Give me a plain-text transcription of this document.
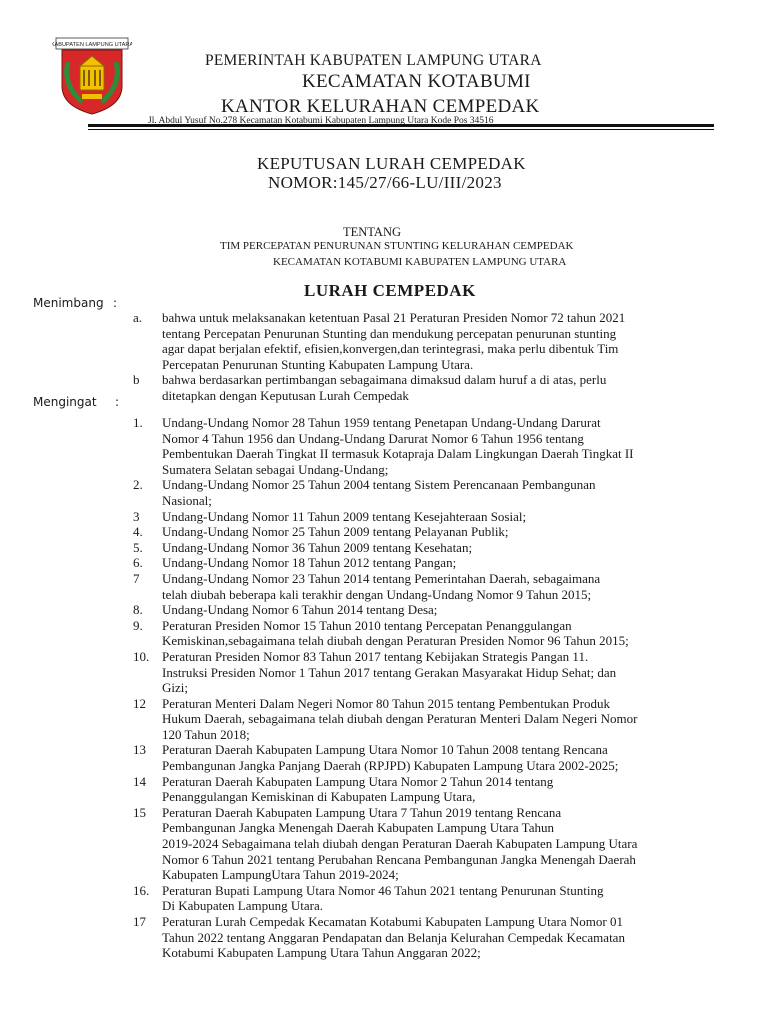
KABUPATEN LAMPUNG UTARA
PEMERINTAH KABUPATEN LAMPUNG UTARA
KECAMATAN KOTABUMI
KANTOR KELURAHAN CEMPEDAK
Jl. Abdul Yusuf No.278 Kecamatan Kotabumi Kabupaten Lampung Utara Kode Pos 34516
KEPUTUSAN LURAH CEMPEDAK
NOMOR:145/27/66-LU/III/2023
TENTANG
TIM PERCEPATAN PENURUNAN STUNTING KELURAHAN CEMPEDAK
KECAMATAN KOTABUMI KABUPATEN LAMPUNG UTARA
LURAH CEMPEDAK
Menimbang :
a. bahwa untuk melaksanakan ketentuan Pasal 21 Peraturan Presiden Nomor 72 tahun 2021
tentang Percepatan Penurunan Stunting dan mendukung percepatan penurunan stunting
agar dapat berjalan efektif, efisien,konvergen,dan terintegrasi, maka perlu dibentuk Tim
Percepatan Penurunan Stunting Kabupaten Lampung Utara.
b bahwa berdasarkan pertimbangan sebagaimana dimaksud dalam huruf a di atas, perlu
ditetapkan dengan Keputusan Lurah Cempedak
Mengingat :
1. Undang-Undang Nomor 28 Tahun 1959 tentang Penetapan Undang-Undang Darurat
Nomor 4 Tahun 1956 dan Undang-Undang Darurat Nomor 6 Tahun 1956 tentang
Pembentukan Daerah Tingkat II termasuk Kotapraja Dalam Lingkungan Daerah Tingkat II
Sumatera Selatan sebagai Undang-Undang;
2. Undang-Undang Nomor 25 Tahun 2004 tentang Sistem Perencanaan Pembangunan
Nasional;
3 Undang-Undang Nomor 11 Tahun 2009 tentang Kesejahteraan Sosial;
4. Undang-Undang Nomor 25 Tahun 2009 tentang Pelayanan Publik;
5. Undang-Undang Nomor 36 Tahun 2009 tentang Kesehatan;
6. Undang-Undang Nomor 18 Tahun 2012 tentang Pangan;
7 Undang-Undang Nomor 23 Tahun 2014 tentang Pemerintahan Daerah, sebagaimana
telah diubah beberapa kali terakhir dengan Undang-Undang Nomor 9 Tahun 2015;
8. Undang-Undang Nomor 6 Tahun 2014 tentang Desa;
9. Peraturan Presiden Nomor 15 Tahun 2010 tentang Percepatan Penanggulangan
Kemiskinan,sebagaimana telah diubah dengan Peraturan Presiden Nomor 96 Tahun 2015;
10. Peraturan Presiden Nomor 83 Tahun 2017 tentang Kebijakan Strategis Pangan 11.
Instruksi Presiden Nomor 1 Tahun 2017 tentang Gerakan Masyarakat Hidup Sehat; dan
Gizi;
12 Peraturan Menteri Dalam Negeri Nomor 80 Tahun 2015 tentang Pembentukan Produk
Hukum Daerah, sebagaimana telah diubah dengan Peraturan Menteri Dalam Negeri Nomor
120 Tahun 2018;
13 Peraturan Daerah Kabupaten Lampung Utara Nomor 10 Tahun 2008 tentang Rencana
Pembangunan Jangka Panjang Daerah (RPJPD) Kabupaten Lampung Utara 2002-2025;
14 Peraturan Daerah Kabupaten Lampung Utara Nomor 2 Tahun 2014 tentang
Penanggulangan Kemiskinan di Kabupaten Lampung Utara,
15 Peraturan Daerah Kabupaten Lampung Utara 7 Tahun 2019 tentang Rencana
Pembangunan Jangka Menengah Daerah Kabupaten Lampung Utara Tahun
2019-2024 Sebagaimana telah diubah dengan Peraturan Daerah Kabupaten Lampung Utara
Nomor 6 Tahun 2021 tentang Perubahan Rencana Pembangunan Jangka Menengah Daerah
Kabupaten LampungUtara Tahun 2019-2024;
16. Peraturan Bupati Lampung Utara Nomor 46 Tahun 2021 tentang Penurunan Stunting
Di Kabupaten Lampung Utara.
17 Peraturan Lurah Cempedak Kecamatan Kotabumi Kabupaten Lampung Utara Nomor 01
Tahun 2022 tentang Anggaran Pendapatan dan Belanja Kelurahan Cempedak Kecamatan
Kotabumi Kabupaten Lampung Utara Tahun Anggaran 2022;
